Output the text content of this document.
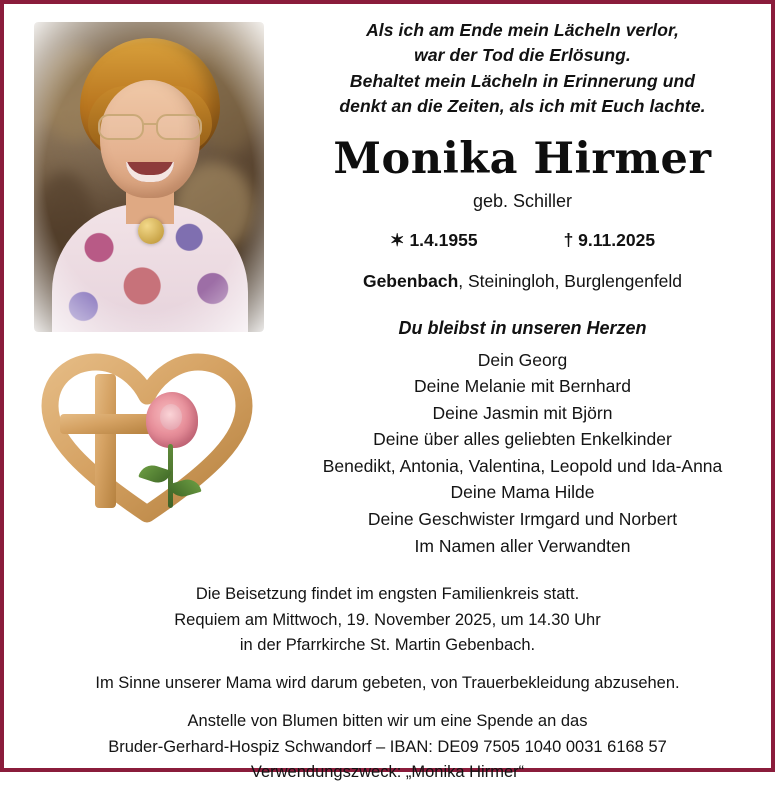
Als ich am Ende mein Lächeln verlor,
war der Tod die Erlösung.
Behaltet mein Lächeln in Erinnerung und
denkt an die Zeiten, als ich mit Euch lachte.
Monika Hirmer
geb. Schiller
✶ 1.4.1955	† 9.11.2025
Gebenbach, Steiningloh, Burglengenfeld
Du bleibst in unseren Herzen
Dein Georg
Deine Melanie mit Bernhard
Deine Jasmin mit Björn
Deine über alles geliebten Enkelkinder
Benedikt, Antonia, Valentina, Leopold und Ida-Anna
Deine Mama Hilde
Deine Geschwister Irmgard und Norbert
Im Namen aller Verwandten
Die Beisetzung findet im engsten Familienkreis statt.
Requiem am Mittwoch, 19. November 2025, um 14.30 Uhr
in der Pfarrkirche St. Martin Gebenbach.
Im Sinne unserer Mama wird darum gebeten, von Trauerbekleidung abzusehen.
Anstelle von Blumen bitten wir um eine Spende an das
Bruder-Gerhard-Hospiz Schwandorf – IBAN: DE09 7505 1040 0031 6168 57
Verwendungszweck: „Monika Hirmer“
